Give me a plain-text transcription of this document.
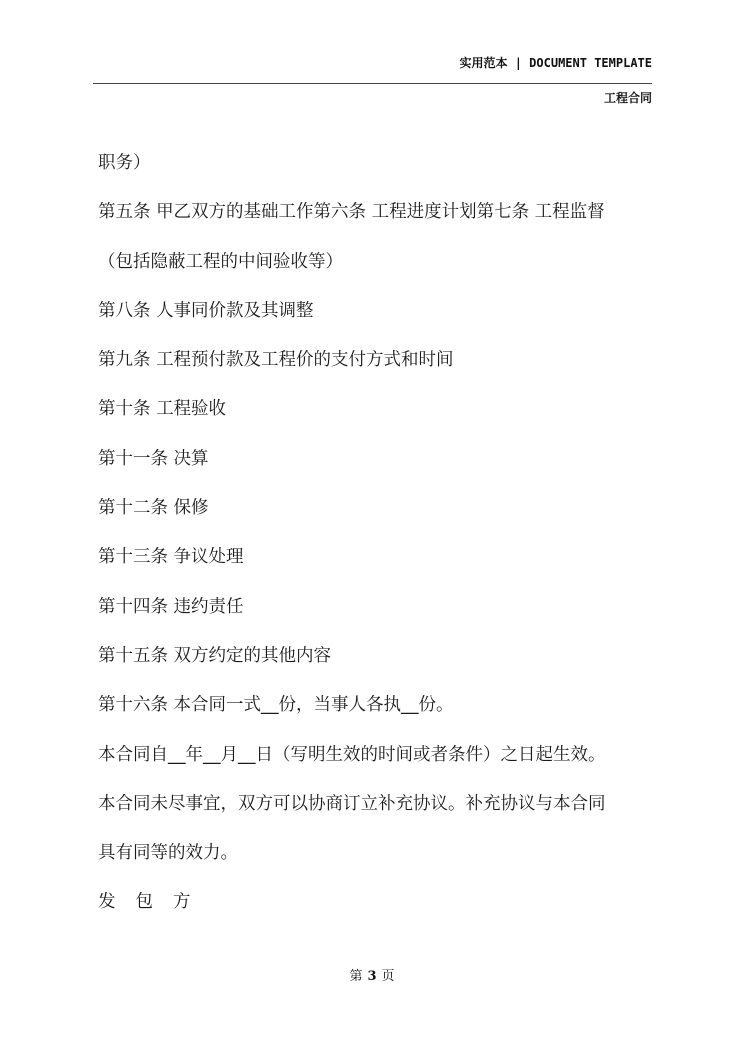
实用范本 | DOCUMENT TEMPLATE
工程合同
职务）
第五条 甲乙双方的基础工作第六条 工程进度计划第七条 工程监督
（包括隐蔽工程的中间验收等）
第八条 人事同价款及其调整
第九条 工程预付款及工程价的支付方式和时间
第十条 工程验收
第十一条 决算
第十二条 保修
第十三条 争议处理
第十四条 违约责任
第十五条 双方约定的其他内容
第十六条 本合同一式__份，当事人各执__份。
本合同自__年__月__日（写明生效的时间或者条件）之日起生效。
本合同未尽事宜，双方可以协商订立补充协议。补充协议与本合同
具有同等的效力。
发包方
第 3 页
